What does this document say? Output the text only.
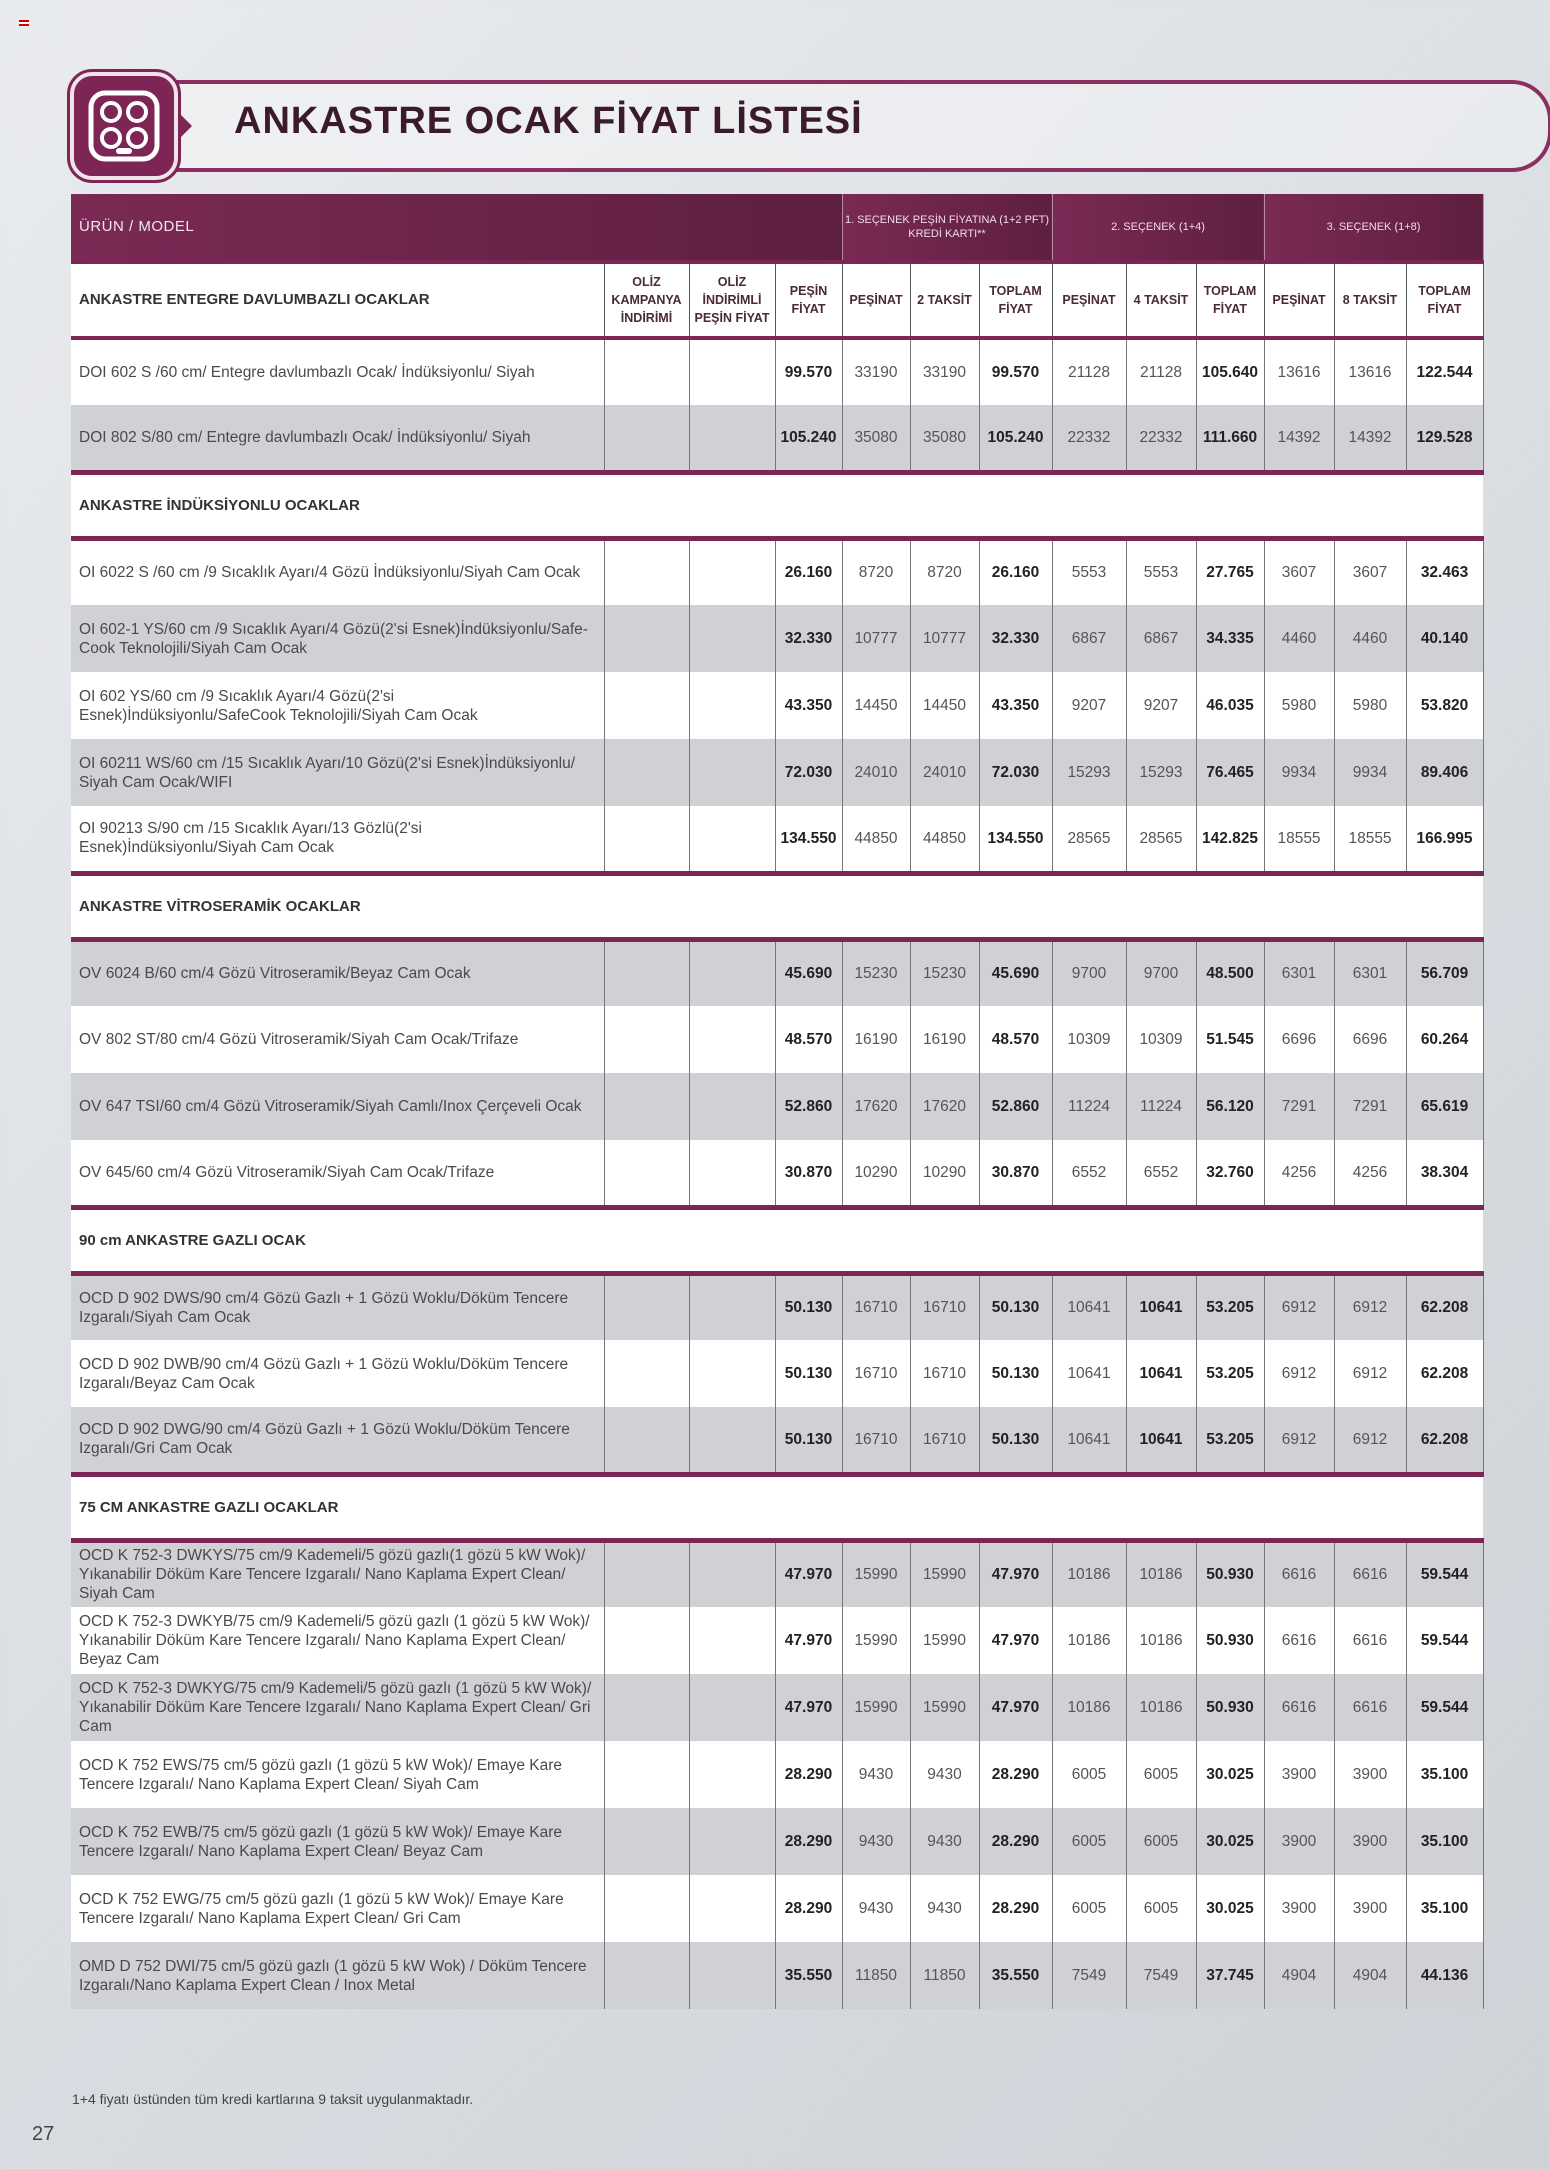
ANKASTRE OCAK FİYAT LİSTESİ
ÜRÜN / MODEL				1. SEÇENEK PEŞİN FİYATINA (1+2 PFT) KREDİ KARTI**			2. SEÇENEK (1+4)			3. SEÇENEK (1+8)		
ANKASTRE ENTEGRE DAVLUMBAZLI OCAKLAR	OLİZ KAMPANYA İNDİRİMİ	OLİZ İNDİRİMLİ PEŞİN FİYAT	PEŞİN FİYAT	PEŞİNAT	2 TAKSİT	TOPLAM FİYAT	PEŞİNAT	4 TAKSİT	TOPLAM FİYAT	PEŞİNAT	8 TAKSİT	TOPLAM FİYAT
DOI 602 S /60 cm/ Entegre davlumbazlı Ocak/ İndüksiyonlu/ Siyah			99.570	33190	33190	99.570	21128	21128	105.640	13616	13616	122.544
DOI 802 S/80 cm/ Entegre davlumbazlı Ocak/ İndüksiyonlu/ Siyah			105.240	35080	35080	105.240	22332	22332	111.660	14392	14392	129.528
ANKASTRE İNDÜKSİYONLU OCAKLAR												
OI 6022 S /60 cm /9 Sıcaklık Ayarı/4 Gözü İndüksiyonlu/Siyah Cam Ocak			26.160	8720	8720	26.160	5553	5553	27.765	3607	3607	32.463
OI 602-1 YS/60 cm /9 Sıcaklık Ayarı/4 Gözü(2'si Esnek)İndüksiyonlu/Safe-Cook Teknolojili/Siyah Cam Ocak			32.330	10777	10777	32.330	6867	6867	34.335	4460	4460	40.140
OI 602 YS/60 cm /9 Sıcaklık Ayarı/4 Gözü(2'si Esnek)İndüksiyonlu/SafeCook Teknolojili/Siyah Cam Ocak			43.350	14450	14450	43.350	9207	9207	46.035	5980	5980	53.820
OI 60211 WS/60 cm /15 Sıcaklık Ayarı/10 Gözü(2'si Esnek)İndüksiyonlu/ Siyah Cam Ocak/WIFI			72.030	24010	24010	72.030	15293	15293	76.465	9934	9934	89.406
OI 90213 S/90 cm /15 Sıcaklık Ayarı/13 Gözlü(2'si Esnek)İndüksiyonlu/Siyah Cam Ocak			134.550	44850	44850	134.550	28565	28565	142.825	18555	18555	166.995
ANKASTRE VİTROSERAMİK OCAKLAR												
OV 6024 B/60 cm/4 Gözü Vitroseramik/Beyaz Cam Ocak			45.690	15230	15230	45.690	9700	9700	48.500	6301	6301	56.709
OV 802 ST/80 cm/4 Gözü Vitroseramik/Siyah Cam Ocak/Trifaze			48.570	16190	16190	48.570	10309	10309	51.545	6696	6696	60.264
OV 647 TSI/60 cm/4 Gözü Vitroseramik/Siyah Camlı/Inox Çerçeveli Ocak			52.860	17620	17620	52.860	11224	11224	56.120	7291	7291	65.619
OV 645/60 cm/4 Gözü Vitroseramik/Siyah Cam Ocak/Trifaze			30.870	10290	10290	30.870	6552	6552	32.760	4256	4256	38.304
90 cm ANKASTRE GAZLI OCAK												
OCD D 902 DWS/90 cm/4 Gözü Gazlı + 1 Gözü Woklu/Döküm Tencere Izgaralı/Siyah Cam Ocak			50.130	16710	16710	50.130	10641	10641	53.205	6912	6912	62.208
OCD D 902 DWB/90 cm/4 Gözü Gazlı + 1 Gözü Woklu/Döküm Tencere Izgaralı/Beyaz Cam Ocak			50.130	16710	16710	50.130	10641	10641	53.205	6912	6912	62.208
OCD D 902 DWG/90 cm/4 Gözü Gazlı + 1 Gözü Woklu/Döküm Tencere Izgaralı/Gri Cam Ocak			50.130	16710	16710	50.130	10641	10641	53.205	6912	6912	62.208
75 CM ANKASTRE GAZLI OCAKLAR												
OCD K 752-3 DWKYS/75 cm/9 Kademeli/5 gözü gazlı(1 gözü 5 kW Wok)/ Yıkanabilir Döküm Kare Tencere Izgaralı/ Nano Kaplama Expert Clean/ Siyah Cam			47.970	15990	15990	47.970	10186	10186	50.930	6616	6616	59.544
OCD K 752-3 DWKYB/75 cm/9 Kademeli/5 gözü gazlı (1 gözü 5 kW Wok)/ Yıkanabilir Döküm Kare Tencere Izgaralı/ Nano Kaplama Expert Clean/ Beyaz Cam			47.970	15990	15990	47.970	10186	10186	50.930	6616	6616	59.544
OCD K 752-3 DWKYG/75 cm/9 Kademeli/5 gözü gazlı (1 gözü 5 kW Wok)/ Yıkanabilir Döküm Kare Tencere Izgaralı/ Nano Kaplama Expert Clean/ Gri Cam			47.970	15990	15990	47.970	10186	10186	50.930	6616	6616	59.544
OCD K 752 EWS/75 cm/5 gözü gazlı (1 gözü 5 kW Wok)/ Emaye Kare Tencere Izgaralı/ Nano Kaplama Expert Clean/ Siyah Cam			28.290	9430	9430	28.290	6005	6005	30.025	3900	3900	35.100
OCD K 752 EWB/75 cm/5 gözü gazlı (1 gözü 5 kW Wok)/ Emaye Kare Tencere Izgaralı/ Nano Kaplama Expert Clean/ Beyaz Cam			28.290	9430	9430	28.290	6005	6005	30.025	3900	3900	35.100
OCD K 752 EWG/75 cm/5 gözü gazlı (1 gözü 5 kW Wok)/ Emaye Kare Tencere Izgaralı/ Nano Kaplama Expert Clean/ Gri Cam			28.290	9430	9430	28.290	6005	6005	30.025	3900	3900	35.100
OMD D 752 DWI/75 cm/5 gözü gazlı (1 gözü 5 kW Wok) / Döküm Tencere Izgaralı/Nano Kaplama Expert Clean / Inox Metal			35.550	11850	11850	35.550	7549	7549	37.745	4904	4904	44.136
1+4 fiyatı üstünden tüm kredi kartlarına 9 taksit uygulanmaktadır.
27
